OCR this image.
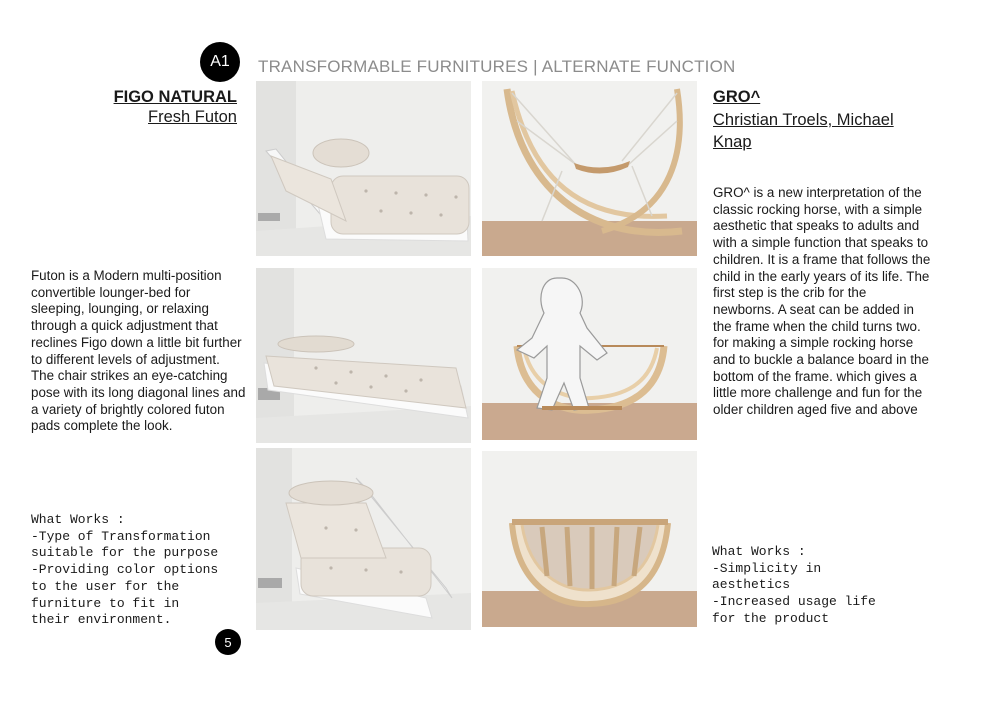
A1	TRANSFORMABLE FURNITURES | ALTERNATE FUNCTION
FIGO NATURAL
Fresh Futon
Futon is a Modern multi-position convertible lounger-bed for sleeping, lounging, or relaxing through a quick adjustment that reclines Figo down a little bit further to different levels of adjustment. The chair strikes an eye-catching pose with its long diagonal lines and a variety of brightly colored futon pads complete the look.
What Works :
-Type of Transformation
suitable for the purpose
-Providing color options
to the user for the
furniture to fit in
their environment.
5
GRO^
Christian Troels, Michael Knap
GRO^ is a new interpretation of the classic rocking horse, with a simple aesthetic that speaks to adults and with a simple function that speaks to children. It is a frame that follows the child in the early years of its life. The first step is the crib for the newborns. A seat can be added in the frame when the child turns two. for making a simple rocking horse and to buckle a balance board in the bottom of the frame. which gives a little more challenge and fun for the older children aged five and above
What Works :
-Simplicity in
aesthetics
-Increased usage life
for the product
